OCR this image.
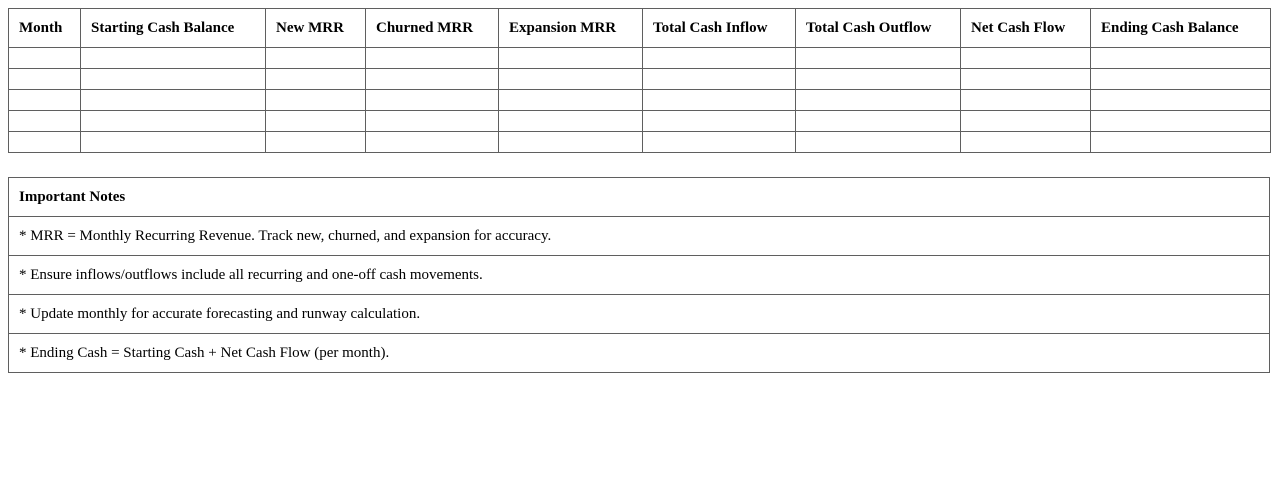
Month	Starting Cash Balance	New MRR	Churned MRR	Expansion MRR	Total Cash Inflow	Total Cash Outflow	Net Cash Flow	Ending Cash Balance

Important Notes
* MRR = Monthly Recurring Revenue. Track new, churned, and expansion for accuracy.
* Ensure inflows/outflows include all recurring and one-off cash movements.
* Update monthly for accurate forecasting and runway calculation.
* Ending Cash = Starting Cash + Net Cash Flow (per month).
